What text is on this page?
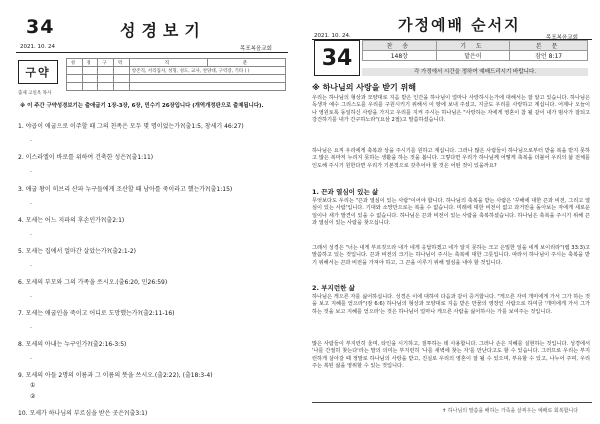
34	성경보기
2021. 10. 24	목포복음교회
구약
출제 고일옥 목사
성	경	구	역	직	분
				항존직, 서리집사, 성형, 성도, 교사, 찬양대, 구역장, 기타 ( )	

※ 이 주간 구약성경보기는 출애굽기 1장-3장, 6장, 민수기 26장입니다 (개역개정판으로 출제됩니다).
1. 야곱이 애굽으로 이주할 때 그의 친족은 모두 몇 명이었는가?(출1:5, 창세기 46:27)
.
2. 이스라엘이 바로를 위하여 건축한 성은?(출1:11)
.
3. 애굽 왕이 히브리 산파 누구들에게 조산할 때 남아를 죽이라고 했는가?(출1:15)
.
4. 모세는 어느 지파의 후손인가?(출2:1)
.
5. 모세는 집에서 얼마간 살았는가?(출2:1-2)
.
6. 모세의 부모와 그의 가족을 쓰시오.(출6:20, 민26:59)
.
7. 모세는 애굽인을 죽이고 어디로 도망했는가?(출2:11-16)
.
8. 모세의 아내는 누구인가?(출2:16-3:5)
.
9. 모세의 아들 2명의 이름과 그 이름의 뜻을 쓰시오.(출2:22), (출18:3-4)
①
②
10. 모세가 하나님의 부르심을 받은 곳은?(출3:1)
가정예배 순서지
2021. 10. 24.	목포복음교회
34	찬 송	기 도	본 문
148장	맡은이	잠언 8:17
각 가정에서 시간을 정하여 예배드리시기 바랍니다.
※ 하나님의 사랑을 받기 위해
우리는 하나님의 형상과 모양대로 지음 받은 인간을 하나님이 얼마나 사랑하시는가에 대해서는 잘 알고 있습니다. 하나님은 독생자 예수 그리스도를 우리를 구원시키기 위해서 이 땅에 보내 주셨고, 지금도 우리를 사랑하고 계십니다. 어제나 오늘이나 영원토록 동일하신 사랑을 가지고 우리를 지켜 주시는 하나님은 "사랑하는 자에게 영혼이 참 될 같이 내가 범사가 잘되고 강건하기를 내가 간구하노라"(요삼 2절)고 말씀하셨습니다.
하나님은 요직 우리에게 축복과 상을 주시기를 원하고 계십니다. 그러나 많은 사람들이 하나님으로부터 받을 복을 받지 못하고 많은 복마저 누리지 못하는 생활을 하는 것을 봅니다. 그렇다면 우리가 하나님께 어떻게 축복을 더불어 우리의 삶 전체를 인도해 주시기 원한다면 우리가 기본적으로 갖추어야 할 것은 어떤 것이 있을까요?
1. 끈과 열심이 있는 삶
무엇보다도 우리는 "끈과 열심이 있는 사람"이어야 합니다. 하나님의 축복을 받는 사람은 '꾸해에 대한 끈과 비전, 그리고 열심이 있는 사람'입니다. 기대와 소망만으로는 복을 수 없습니다. 미래에 대한 비전이 없고 과거만을 돌아보는 자에게 새로운 일이나 새가 발견이 있을 수 없습니다. 하나님은 끈과 비전이 있는 사람을 축복하셨습니다. 하나님은 축복을 주시기 위해 끈과 열심이 있는 사람을 찾으십니다.
그래서 성경은 "너는 내게 부르짖으라 내가 네게 응답하겠고 네가 알지 못하는 크고 은밀한 일을 네게 보이리라"(렘 33:3)고 말씀하고 있는 것입니다. 끈과 비전의 크기는 하나님이 주시는 축복에 대한 그릇입니다. 따라서 하나님이 주시는 축복을 받기 위해서는 끈과 비전을 가져야 하고, 그 끈을 이루기 위해 열심을 내야 할 것입니다.
2. 부지런한 삶
하나님은 게으른 자를 싫어하십니다. 성경은 이에 대하여 다음과 같이 증거합니다. "게으른 자여 개미에게 가서 그가 하는 것을 보고 지혜를 얻으라"(잠 6:6) 하나님의 형상과 모양대로 지음 받은 만물의 영장인 사람으로 하여금 '개미에게 가서 그가 하는 것을 보고 지혜를 얻으라'는 것은 하나님이 얼마나 게으른 사람을 싫어하시는 가를 보여주는 것입니다.
많은 사람들이 부지런히 울며, 타인을 시기하고, 질투하는 데 사용합니다. 그러나 손은 지혜를 실현하는 것입니다. 성경에서 '나를 간절히 찾는다'라는 말의 의미는 부지런히 '나를 새벽에 찾는 자'를 만난다고도 할 수 있습니다. 그러므로 우리는 부지런하게 살아갈 때 정말로 하나님의 사랑을 받고, 진실로 우리의 영혼이 잘 될 수 있으며, 부유할 수 있고, 나누어 주며, 우리 주는 복된 삶을 영위할 수 있는 것입니다.
✝ 하나님의 말씀을 배하는 가족을 살찌우는 예배로 회복합니다
